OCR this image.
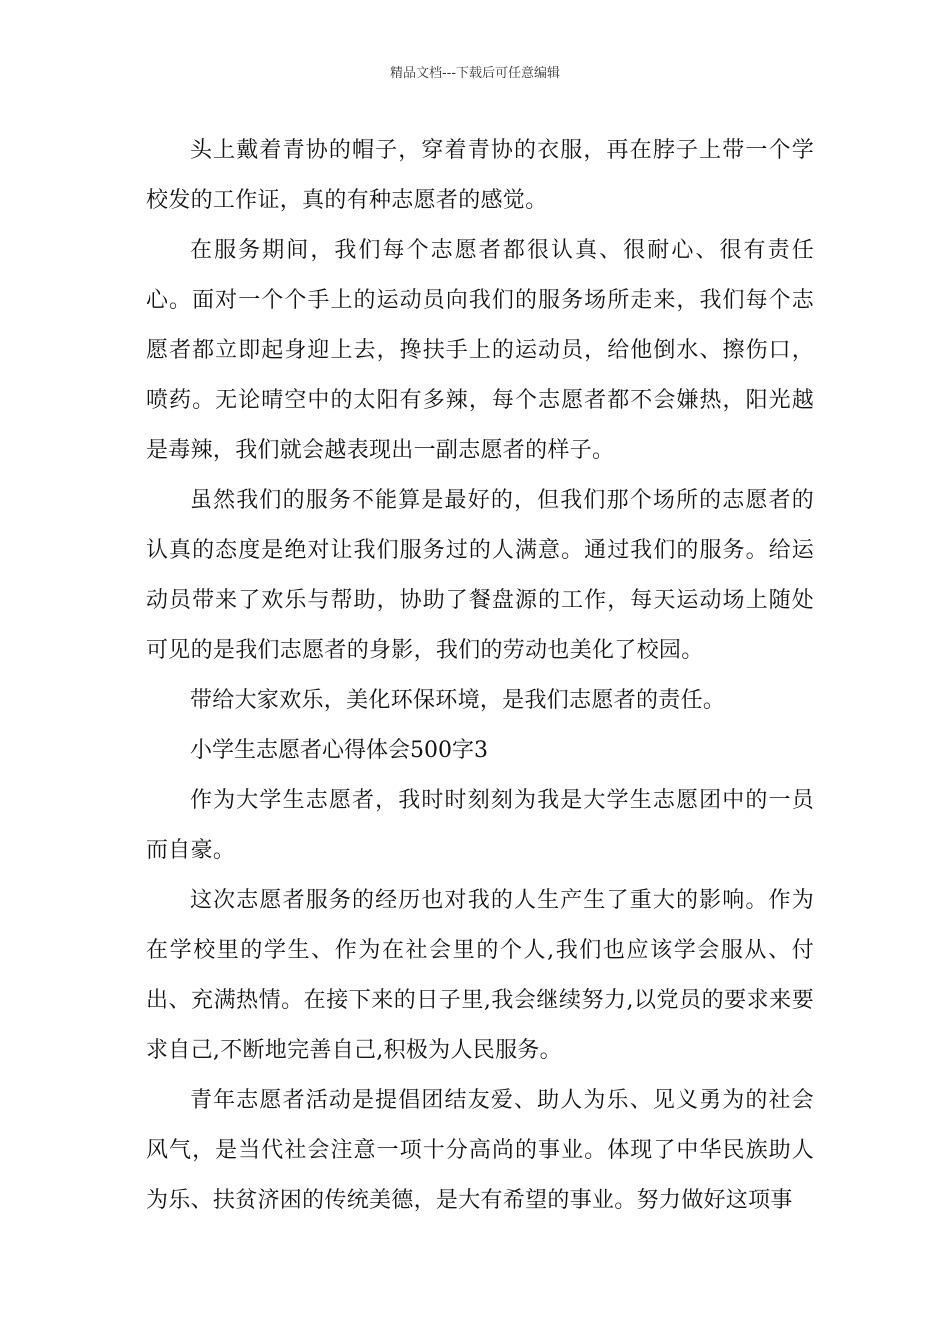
精品文档---下载后可任意编辑

头上戴着青协的帽子，穿着青协的衣服，再在脖子上带一个学校发的工作证，真的有种志愿者的感觉。

在服务期间，我们每个志愿者都很认真、很耐心、很有责任心。面对一个个手上的运动员向我们的服务场所走来，我们每个志愿者都立即起身迎上去，搀扶手上的运动员，给他倒水、擦伤口，喷药。无论晴空中的太阳有多辣，每个志愿者都不会嫌热，阳光越是毒辣，我们就会越表现出一副志愿者的样子。

虽然我们的服务不能算是最好的，但我们那个场所的志愿者的认真的态度是绝对让我们服务过的人满意。通过我们的服务。给运动员带来了欢乐与帮助，协助了餐盘源的工作，每天运动场上随处可见的是我们志愿者的身影，我们的劳动也美化了校园。

带给大家欢乐，美化环保环境，是我们志愿者的责任。

小学生志愿者心得体会500字3

作为大学生志愿者，我时时刻刻为我是大学生志愿团中的一员而自豪。

这次志愿者服务的经历也对我的人生产生了重大的影响。作为在学校里的学生、作为在社会里的个人,我们也应该学会服从、付出、充满热情。在接下来的日子里,我会继续努力,以党员的要求来要求自己,不断地完善自己,积极为人民服务。

青年志愿者活动是提倡团结友爱、助人为乐、见义勇为的社会风气，是当代社会注意一项十分高尚的事业。体现了中华民族助人为乐、扶贫济困的传统美德，是大有希望的事业。努力做好这项事
